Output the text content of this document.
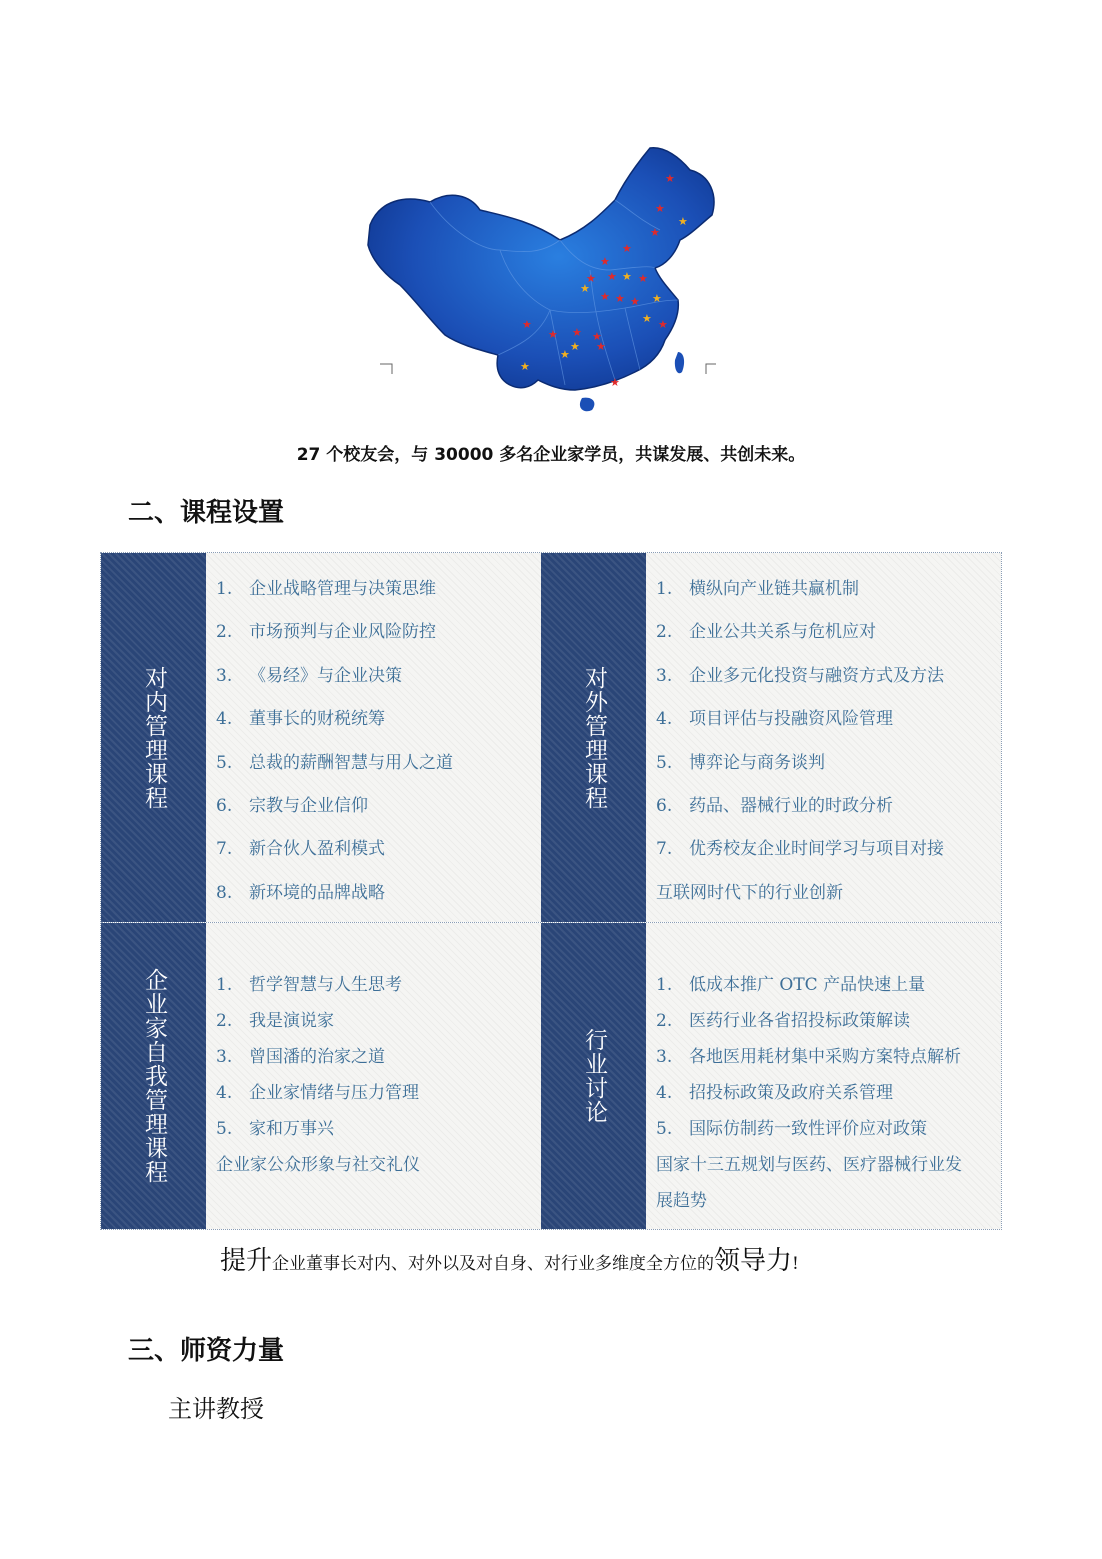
★
★
★
★
★
★
★
★
★ ★ ★
★ ★ ★ ★
★ ★
★
★ ★ ★
★
★
★
★
★
27 个校友会，与 30000 多名企业家学员，共谋发展、共创未来。
二、课程设置
对内管理课程
1. 企业战略管理与决策思维
2. 市场预判与企业风险防控
3. 《易经》与企业决策
4. 董事长的财税统筹
5. 总裁的薪酬智慧与用人之道
6. 宗教与企业信仰
7. 新合伙人盈利模式
8. 新环境的品牌战略
对外管理课程
1. 横纵向产业链共赢机制
2. 企业公共关系与危机应对
3. 企业多元化投资与融资方式及方法
4. 项目评估与投融资风险管理
5. 博弈论与商务谈判
6. 药品、器械行业的时政分析
7. 优秀校友企业时间学习与项目对接
互联网时代下的行业创新
企业家自我管理课程	1. 哲学智慧与人生思考
2. 我是演说家
3. 曾国潘的治家之道
4. 企业家情绪与压力管理
5. 家和万事兴
企业家公众形象与社交礼仪
行业讨论
1. 低成本推广 OTC 产品快速上量
2. 医药行业各省招投标政策解读
3. 各地医用耗材集中采购方案特点解析
4. 招投标政策及政府关系管理
5. 国际仿制药一致性评价应对政策
国家十三五规划与医药、医疗器械行业发
展趋势
提升企业董事长对内、对外以及对自身、对行业多维度全方位的领导力!
三、师资力量
主讲教授
